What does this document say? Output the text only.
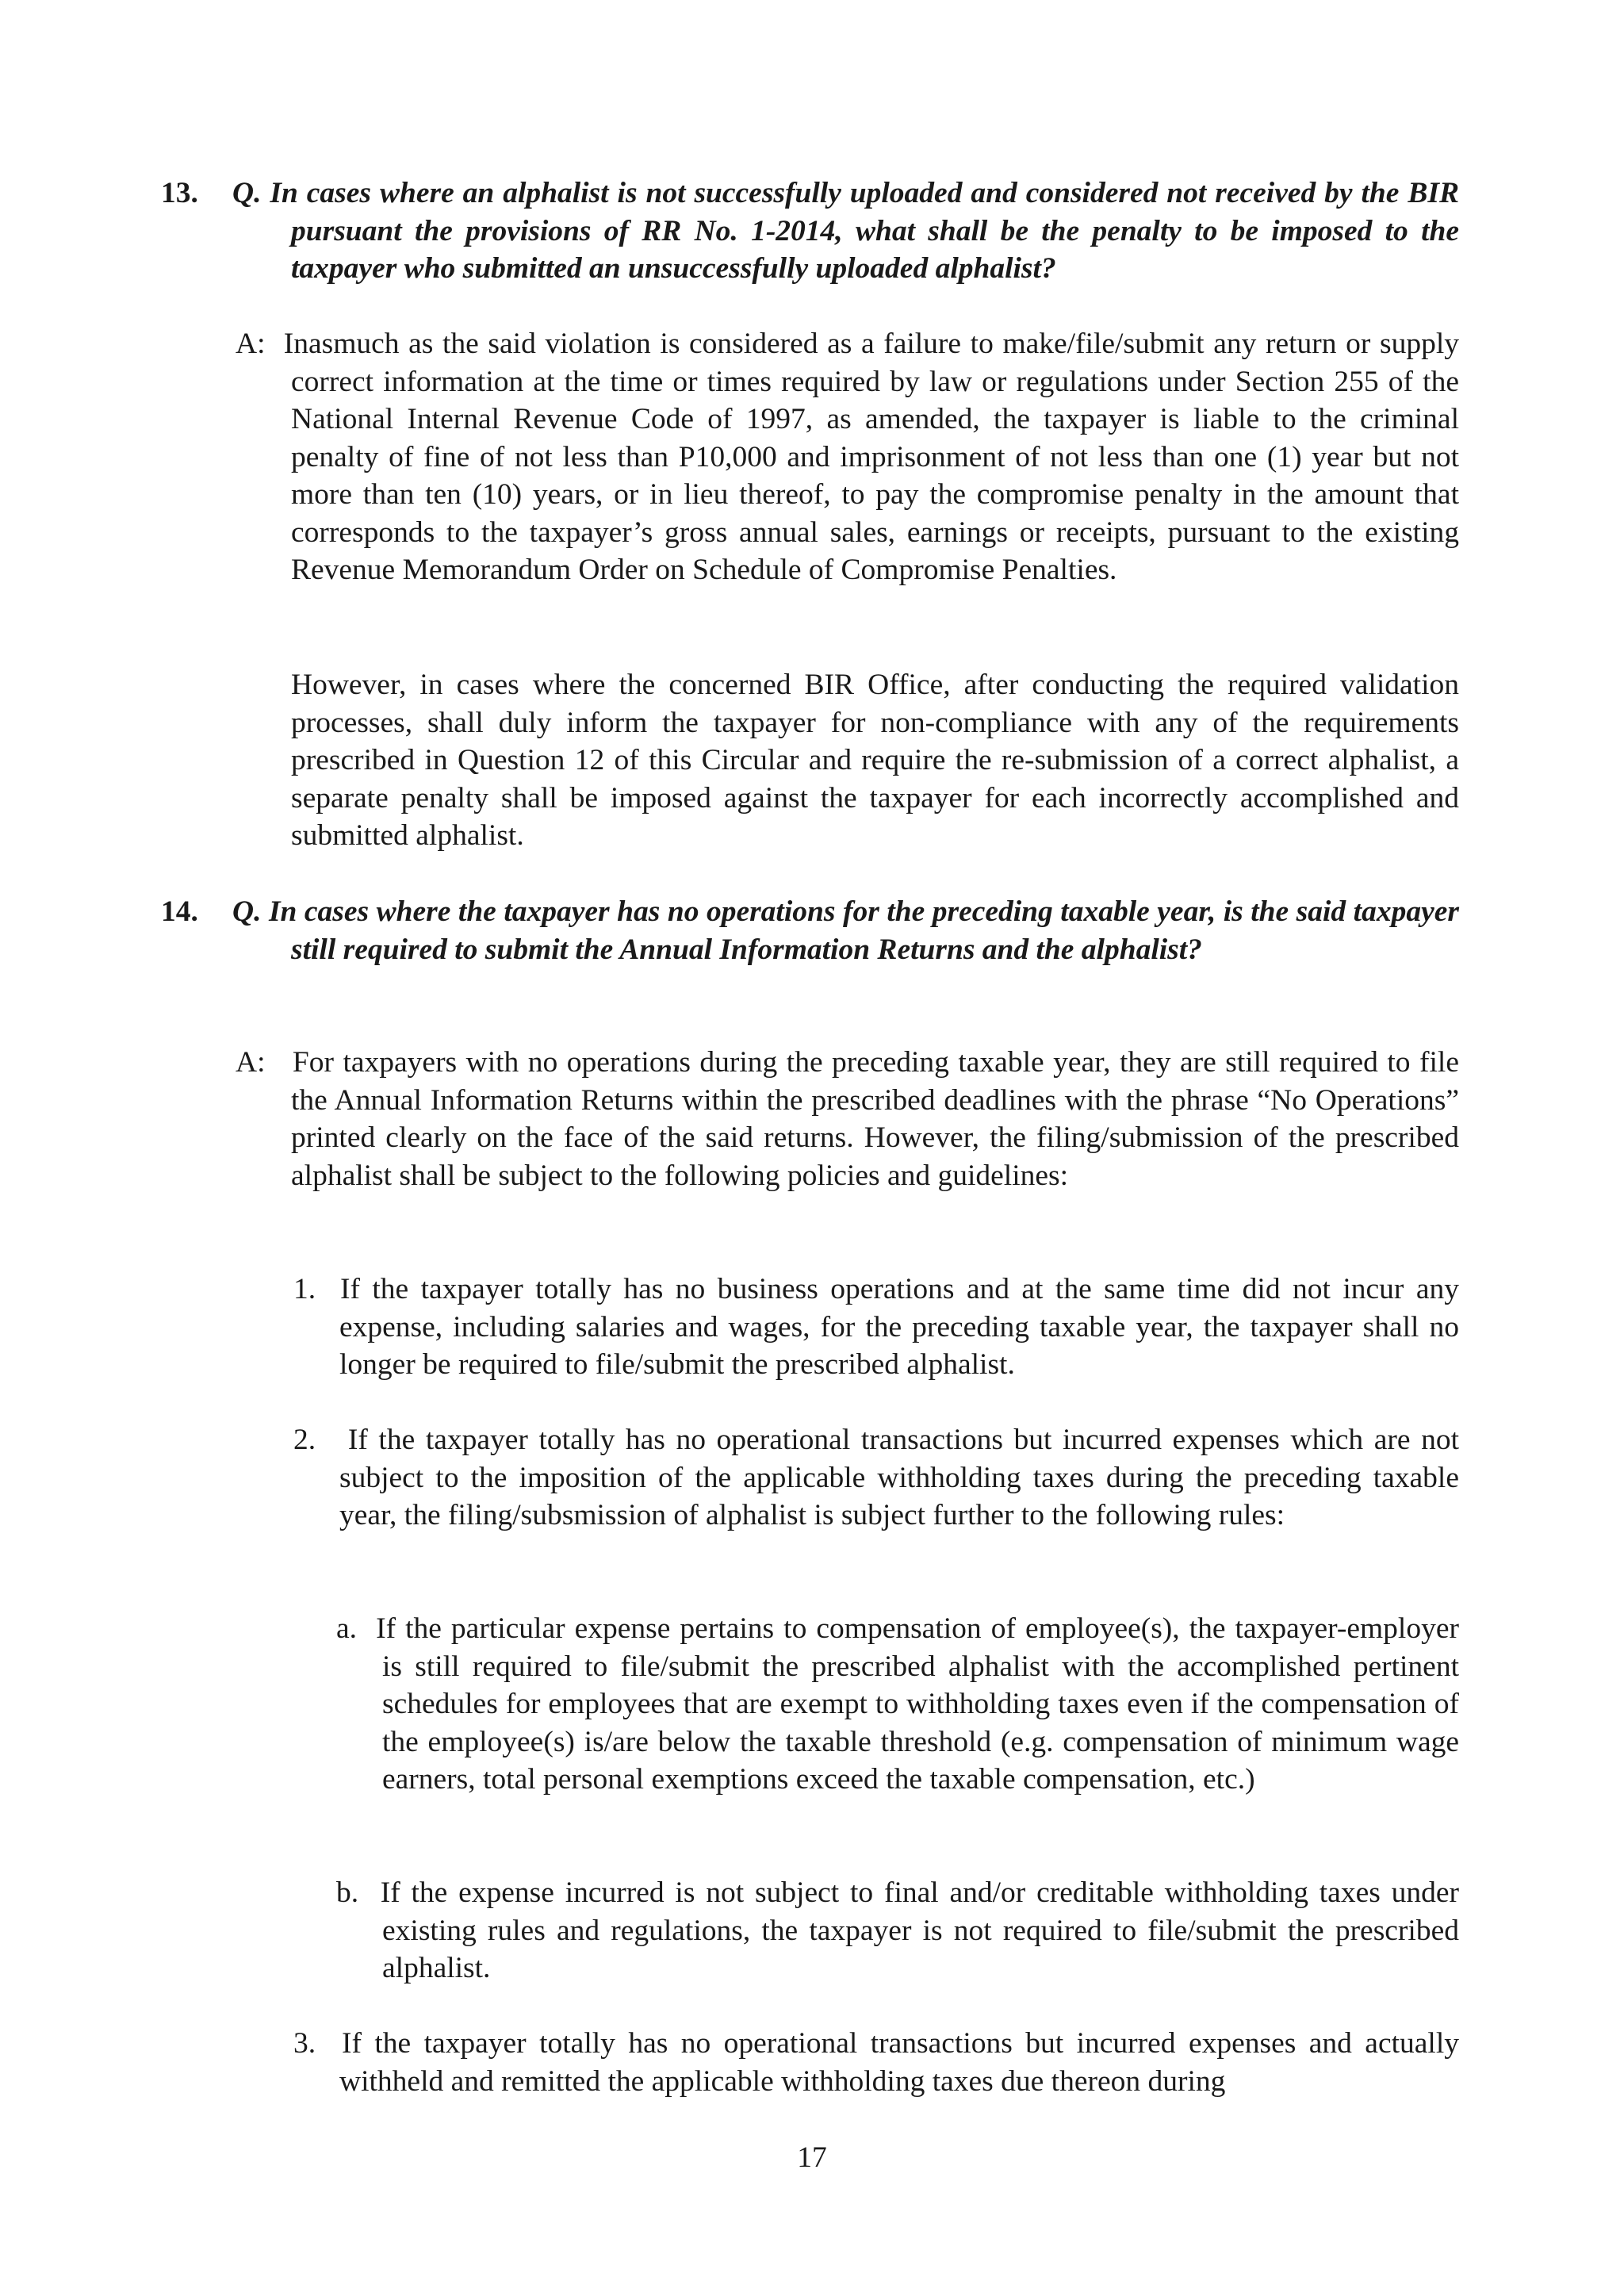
13. Q. In cases where an alphalist is not successfully uploaded and considered not received by the BIR pursuant the provisions of RR No. 1-2014, what shall be the penalty to be imposed to the taxpayer who submitted an unsuccessfully uploaded alphalist?

A:  Inasmuch as the said violation is considered as a failure to make/file/submit any return or supply correct information at the time or times required by law or regulations under Section 255 of the National Internal Revenue Code of 1997, as amended, the taxpayer is liable to the criminal penalty of fine of not less than P10,000 and imprisonment of not less than one (1) year but not more than ten (10) years, or in lieu thereof, to pay the compromise penalty in the amount that corresponds to the taxpayer’s gross annual sales, earnings or receipts, pursuant to the existing Revenue Memorandum Order on Schedule of Compromise Penalties.

However, in cases where the concerned BIR Office, after conducting the required validation processes, shall duly inform the taxpayer for non-compliance with any of the requirements prescribed in Question 12 of this Circular and require the re-submission of a correct alphalist, a separate penalty shall be imposed against the taxpayer for each incorrectly accomplished and submitted alphalist.

14. Q. In cases where the taxpayer has no operations for the preceding taxable year, is the said taxpayer still required to submit the Annual Information Returns and the alphalist?

A:   For taxpayers with no operations during the preceding taxable year, they are still required to file the Annual Information Returns within the prescribed deadlines with the phrase “No Operations” printed clearly on the face of the said returns. However, the filing/submission of the prescribed alphalist shall be subject to the following policies and guidelines:

1.  If the taxpayer totally has no business operations and at the same time did not incur any expense, including salaries and wages, for the preceding taxable year, the taxpayer shall no longer be required to file/submit the prescribed alphalist.

2.   If the taxpayer totally has no operational transactions but incurred expenses which are not subject to the imposition of the applicable withholding taxes during the preceding taxable year, the filing/subsmission of alphalist is subject further to the following rules:

a.  If the particular expense pertains to compensation of employee(s), the taxpayer-employer is still required to file/submit the prescribed alphalist with the accomplished pertinent schedules for employees that are exempt to withholding taxes even if the compensation of the employee(s) is/are below the taxable threshold (e.g. compensation of minimum wage earners, total personal exemptions exceed the taxable compensation, etc.)

b.  If the expense incurred is not subject to final and/or creditable withholding taxes under existing rules and regulations, the taxpayer is not required to file/submit the prescribed alphalist.

3.  If the taxpayer totally has no operational transactions but incurred expenses and actually withheld and remitted the applicable withholding taxes due thereon during

17
